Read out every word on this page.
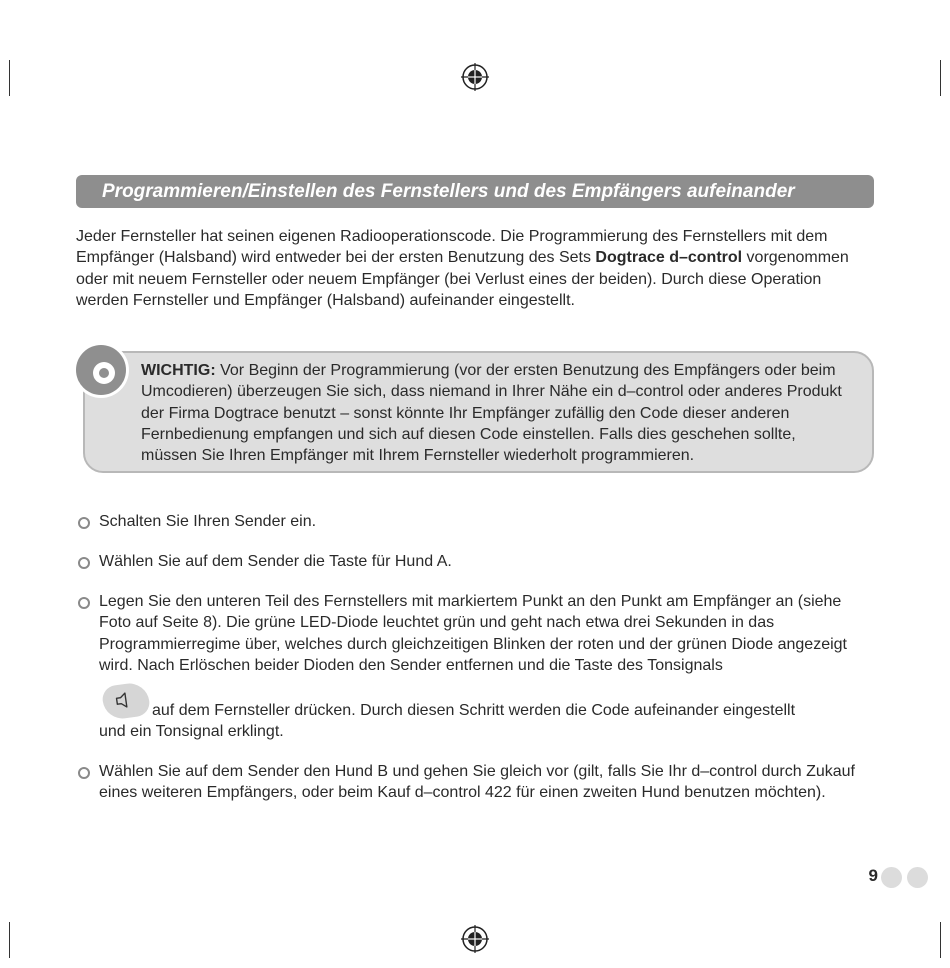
Programmieren/Einstellen des Fernstellers und des Empfängers aufeinander
Jeder Fernsteller hat seinen eigenen Radiooperationscode. Die Programmierung des Fernstellers mit dem Empfänger (Halsband) wird entweder bei der ersten Benutzung des Sets Dogtrace d–control vorgenommen oder mit neuem Fernsteller oder neuem Empfänger (bei Verlust eines der beiden). Durch diese Operation werden Fernsteller und Empfänger (Halsband) aufeinander eingestellt.
WICHTIG: Vor Beginn der Programmierung (vor der ersten Benutzung des Empfängers oder beim Umcodieren) überzeugen Sie sich, dass niemand in Ihrer Nähe ein d–control oder anderes Produkt der Firma Dogtrace benutzt – sonst könnte Ihr Empfänger zufällig den Code dieser anderen Fernbedienung empfangen und sich auf diesen Code einstellen. Falls dies geschehen sollte, müssen Sie Ihren Empfänger mit Ihrem Fernsteller wiederholt programmieren.
Schalten Sie Ihren Sender ein.
Wählen Sie auf dem Sender die Taste für Hund A.
Legen Sie den unteren Teil des Fernstellers mit markiertem Punkt an den Punkt am Empfänger an (siehe Foto auf Seite 8). Die grüne LED-Diode leuchtet grün und geht nach etwa drei Sekunden in das Programmierregime über, welches durch gleichzeitigen Blinken der roten und der grünen Diode angezeigt wird. Nach Erlöschen beider Dioden den Sender entfernen und die Taste des Tonsignals
auf dem Fernsteller drücken. Durch diesen Schritt werden die Code aufeinander eingestellt
und ein Tonsignal erklingt.
Wählen Sie auf dem Sender den Hund B und gehen Sie gleich vor (gilt, falls Sie Ihr d–control durch Zukauf eines weiteren Empfängers, oder beim Kauf d–control 422 für einen zweiten Hund benutzen möchten).
9
